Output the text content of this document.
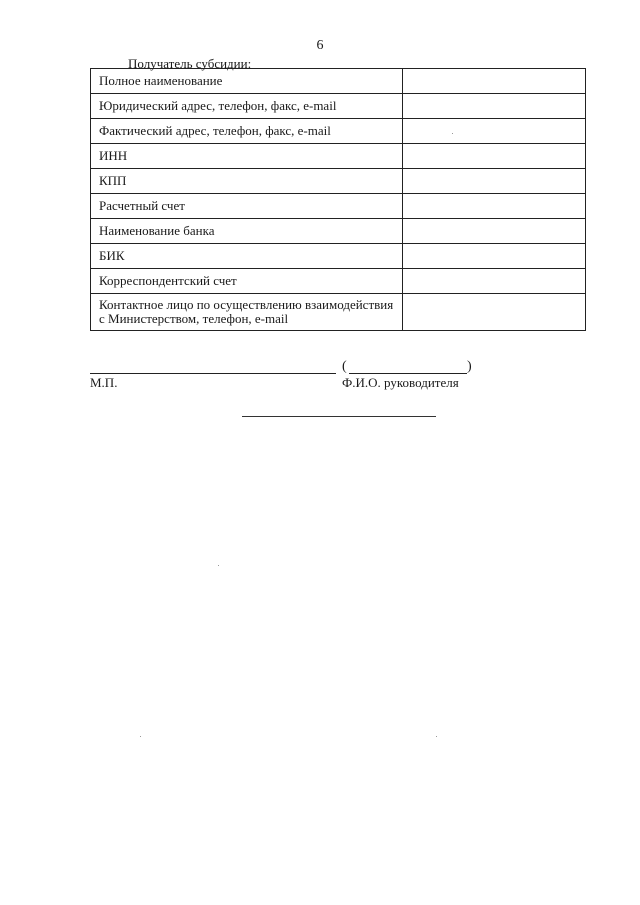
6
Получатель субсидии:
Полное наименование	
Юридический адрес, телефон, факс, e-mail	
Фактический адрес, телефон, факс, e-mail	
ИНН	
КПП	
Расчетный счет	
Наименование банка	
БИК	
Корреспондентский счет	

Контактное лицо по осуществлению взаимодействия
с Министерством, телефон, e-mail	

(	)
М.П.	Ф.И.О. руководителя
